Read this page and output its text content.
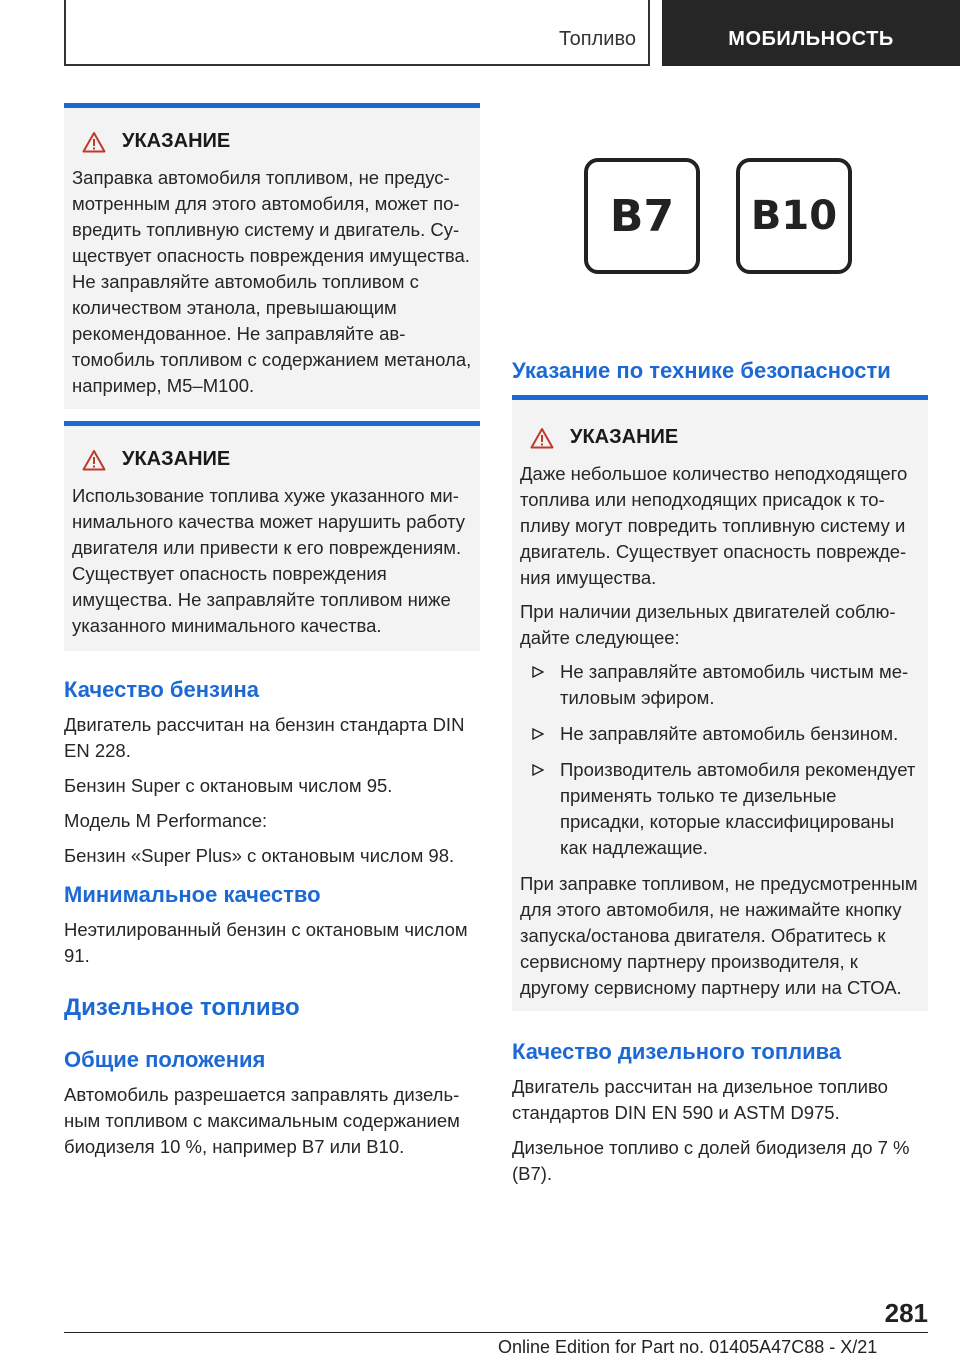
Топливо	МОБИЛЬНОСТЬ
УКАЗАНИЕ

Заправка автомобиля топливом, не предусмотренным для этого автомобиля, может повредить топливную систему и двигатель. Существует опасность повреждения имущества. Не заправляйте автомобиль топливом с количеством этанола, превышающим рекомендованное. Не заправляйте автомобиль топливом с содержанием метанола, например, M5–M100.

УКАЗАНИЕ

Использование топлива хуже указанного минимального качества может нарушить работу двигателя или привести к его повреждениям. Существует опасность повреждения имущества. Не заправляйте топливом ниже указанного минимального качества.

Качество бензина

Двигатель рассчитан на бензин стандарта DIN EN 228.

Бензин Super с октановым числом 95.

Модель M Performance:

Бензин «Super Plus» с октановым числом 98.

Минимальное качество
Неэтилированный бензин с октановым числом 91.
Дизельное топливо
Общие положения
Автомобиль разрешается заправлять дизельным топливом с максимальным содержанием биодизеля 10 %, например B7 или B10.
B7	B10
Указание по технике безопасности
УКАЗАНИЕ

Даже небольшое количество неподходящего топлива или неподходящих присадок к топливу могут повредить топливную систему и двигатель. Существует опасность повреждения имущества.

При наличии дизельных двигателей соблюдайте следующее:

Не заправляйте автомобиль чистым метиловым эфиром.
Не заправляйте автомобиль бензином.
Производитель автомобиля рекомендует применять только те дизельные присадки, которые классифицированы как надлежащие.

При заправке топливом, не предусмотренным для этого автомобиля, не нажимайте кнопку запуска/останова двигателя. Обратитесь к сервисному партнеру производителя, к другому сервисному партнеру или на СТОА.

Качество дизельного топлива

Двигатель рассчитан на дизельное топливо стандартов DIN EN 590 и ASTM D975.

Дизельное топливо с долей биодизеля до 7 % (B7).

281
Online Edition for Part no. 01405A47C88 - X/21
